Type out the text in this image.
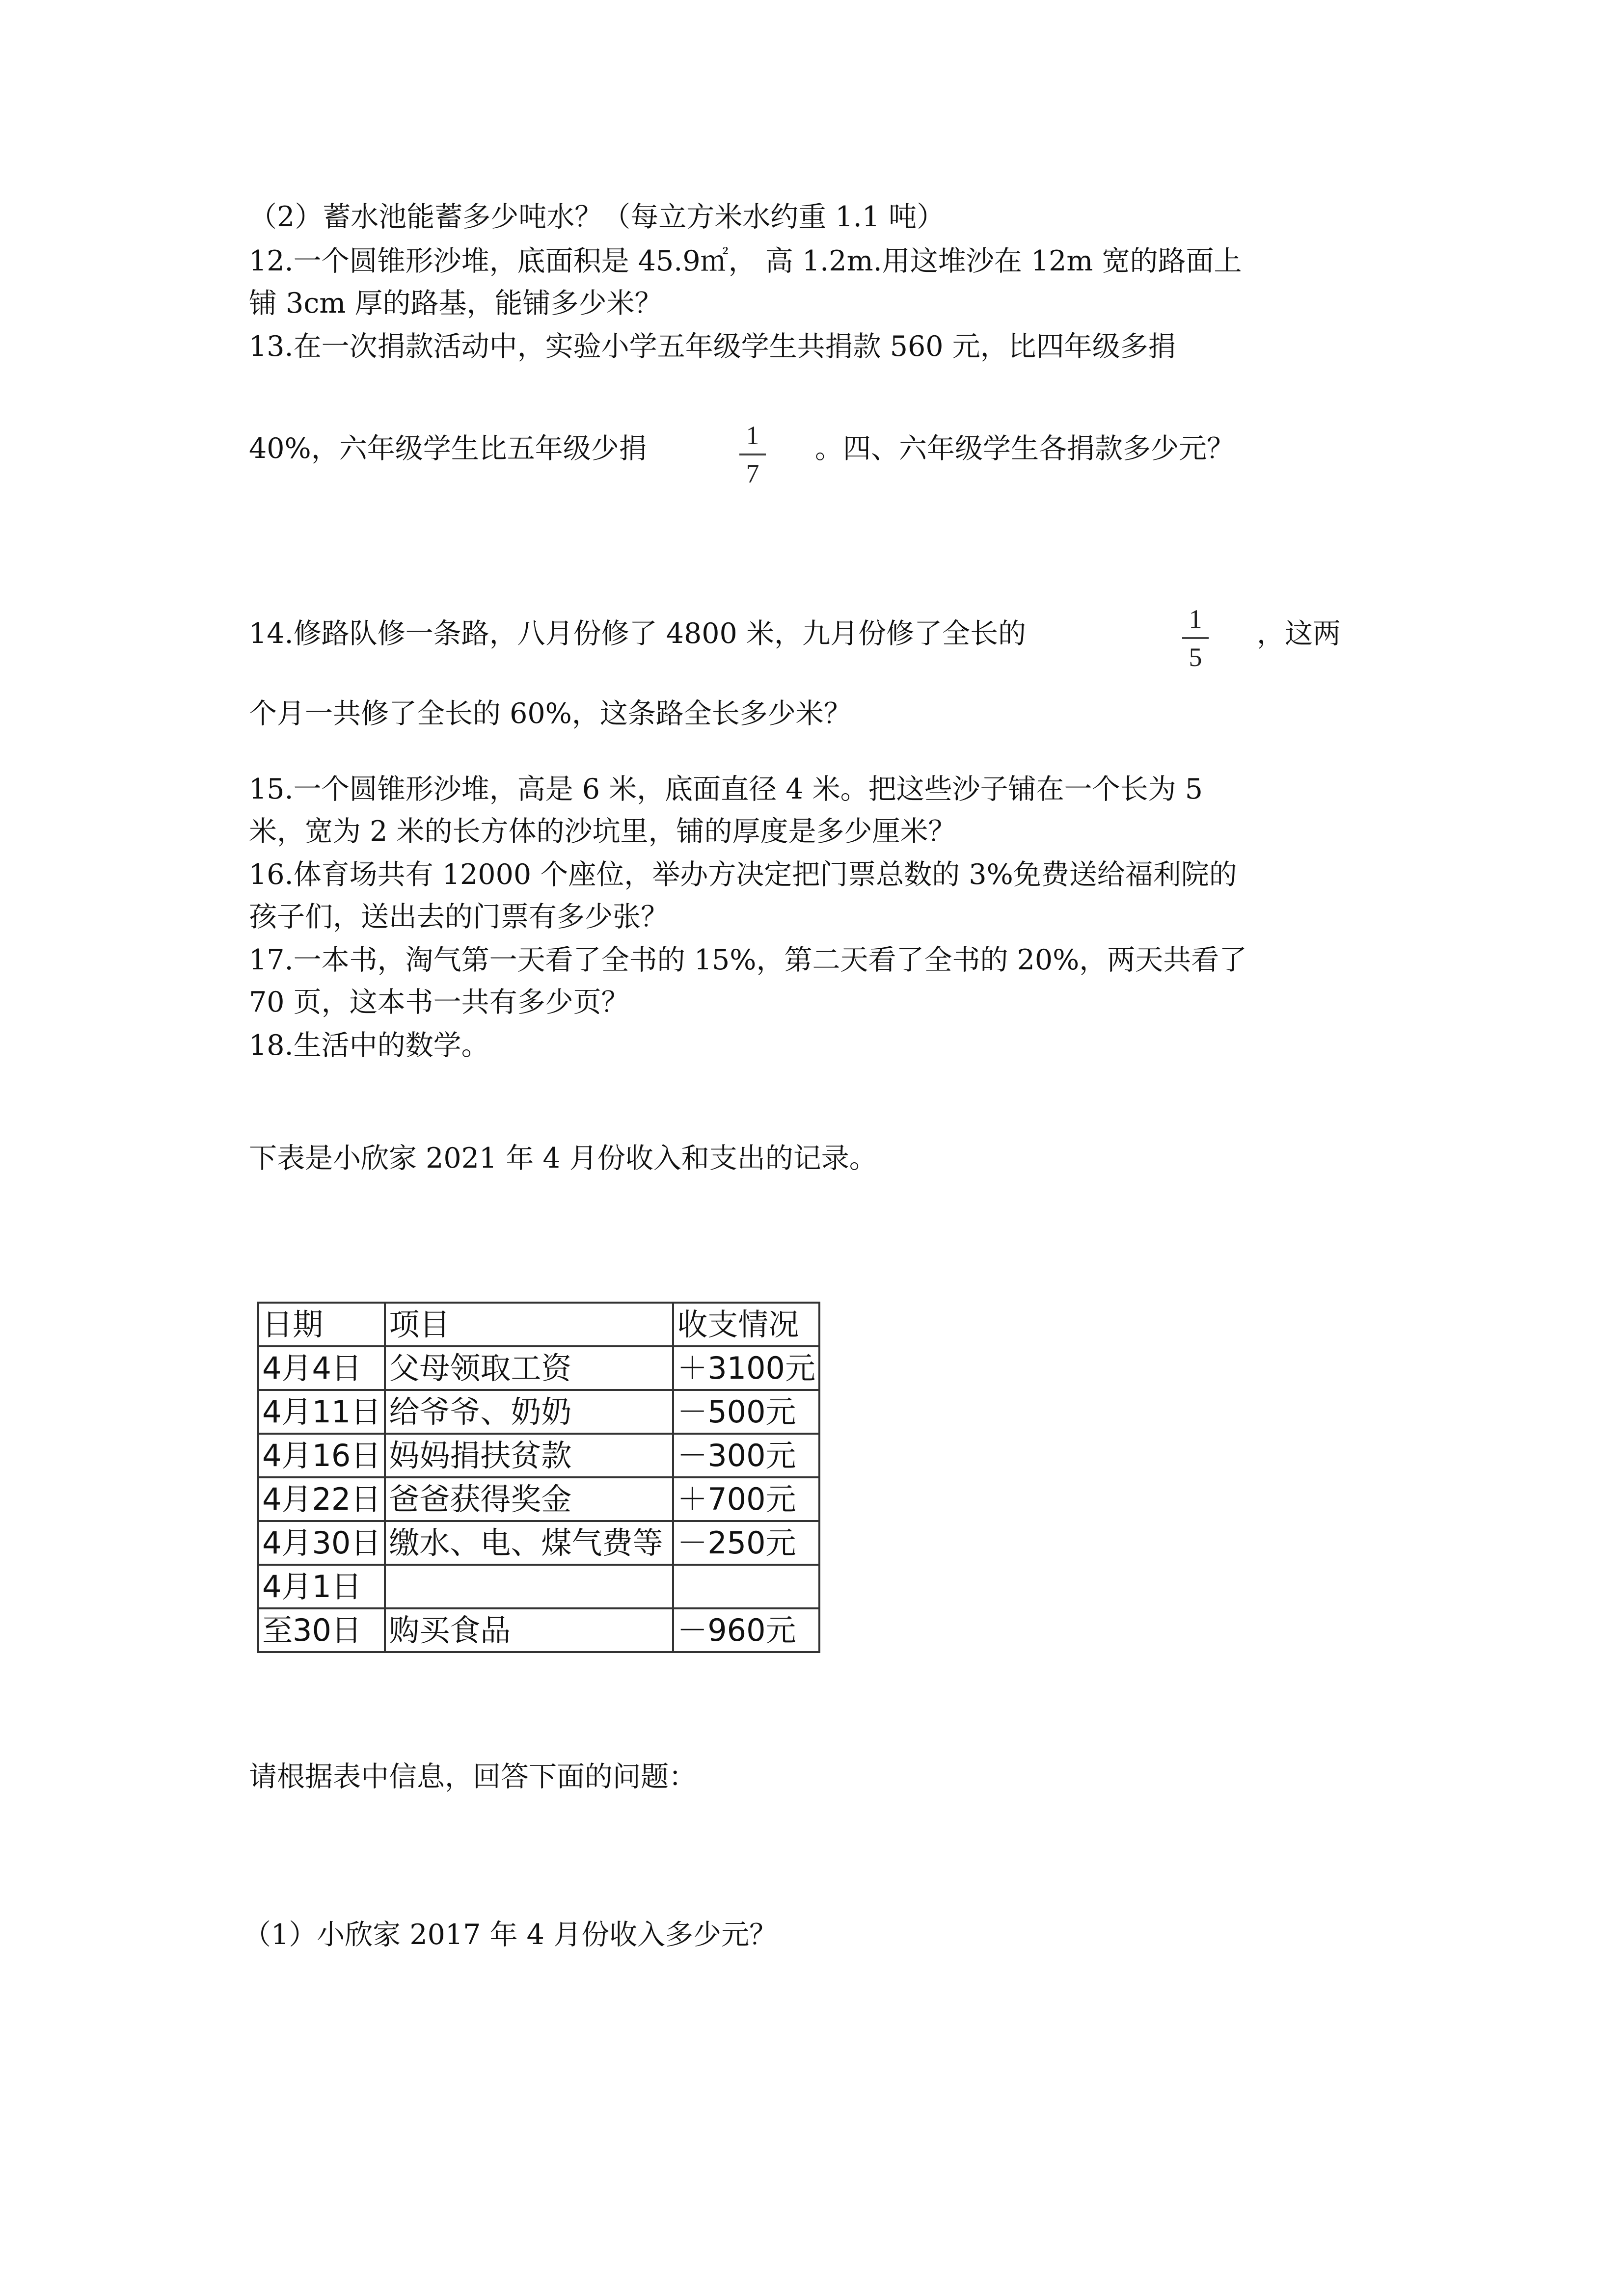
（2）蓄水池能蓄多少吨水？（每立方米水约重 1.1 吨）
12.一个圆锥形沙堆，底面积是 45.9㎡， 高 1.2m.用这堆沙在 12m 宽的路面上
铺 3cm 厚的路基，能铺多少米？
13.在一次捐款活动中，实验小学五年级学生共捐款 560 元，比四年级多捐
40%，六年级学生比五年级少捐	1
7
。四、六年级学生各捐款多少元？
14.修路队修一条路，八月份修了 4800 米，九月份修了全长的	1
5
，这两
个月一共修了全长的 60%，这条路全长多少米？
15.一个圆锥形沙堆，高是 6 米，底面直径 4 米。把这些沙子铺在一个长为 5
米，宽为 2 米的长方体的沙坑里，铺的厚度是多少厘米？
16.体育场共有 12000 个座位，举办方决定把门票总数的 3%免费送给福利院的
孩子们，送出去的门票有多少张？
17.一本书，淘气第一天看了全书的 15%，第二天看了全书的 20%，两天共看了
70 页，这本书一共有多少页？
18.生活中的数学。
下表是小欣家 2021 年 4 月份收入和支出的记录。
日期	项目	收支情况
4月4日	父母领取工资	＋3100元
4月11日	给爷爷、奶奶	－500元
4月16日	妈妈捐扶贫款	－300元
4月22日	爸爸获得奖金	＋700元
4月30日	缴水、电、煤气费等	－250元
4月1日		
至30日	购买食品	－960元
请根据表中信息，回答下面的问题：
（1）小欣家 2017 年 4 月份收入多少元？
